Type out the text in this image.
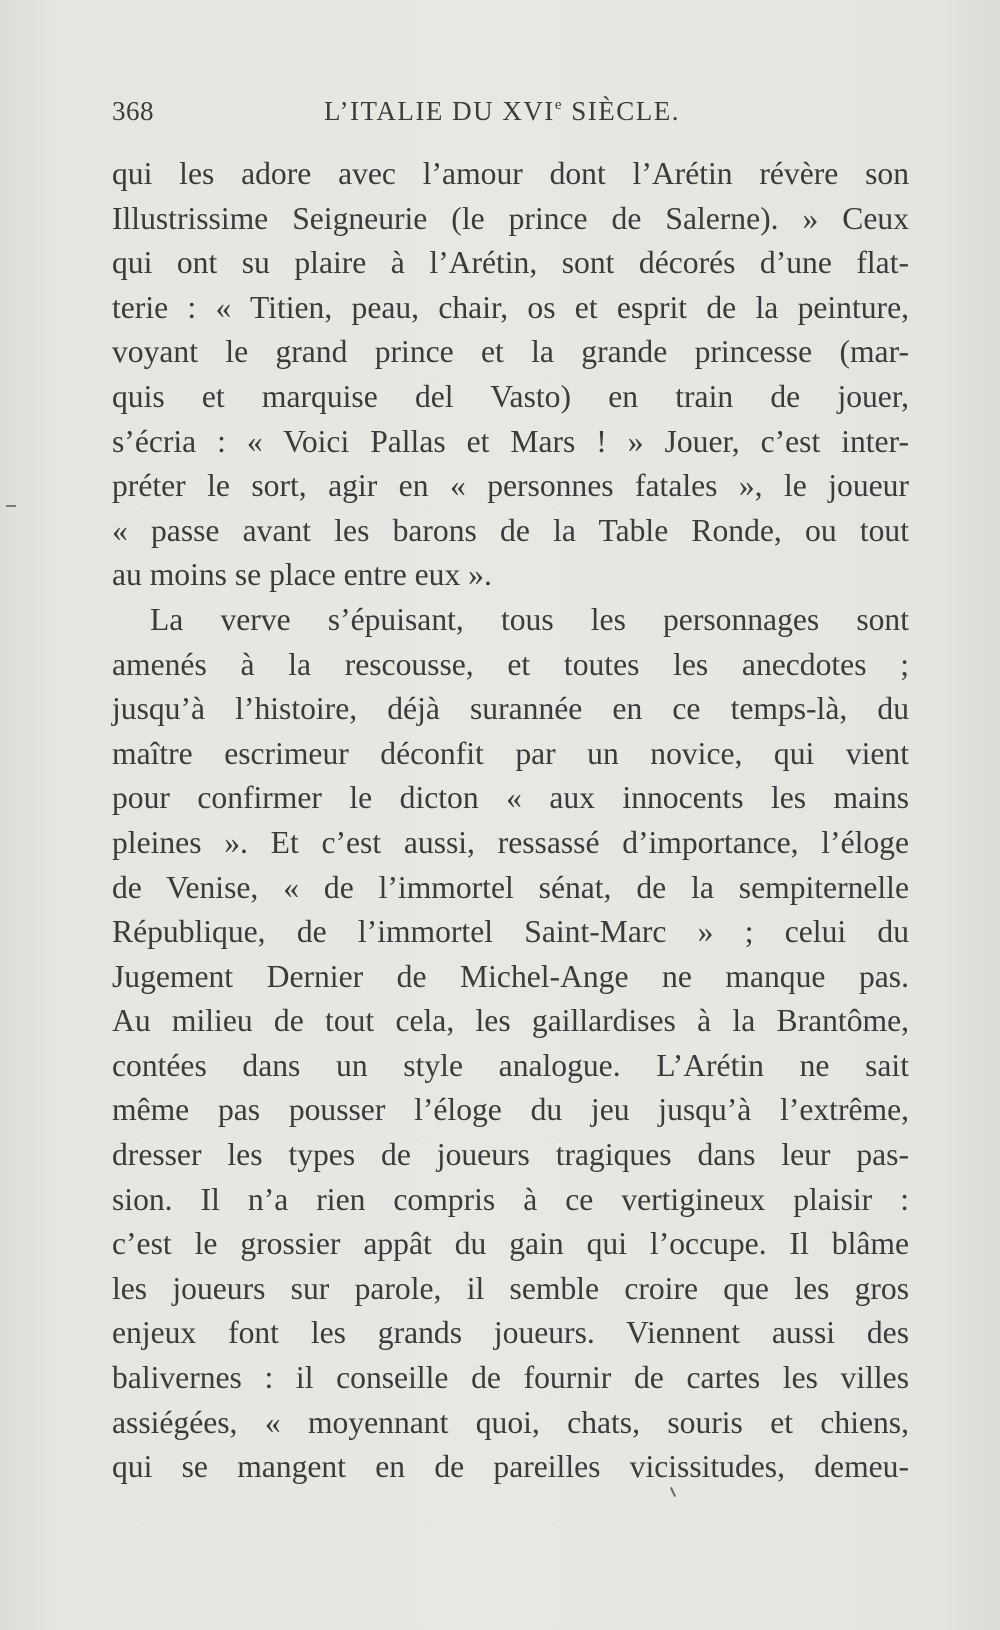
368	L’ITALIE DU XVIe SIÈCLE.
qui les adore avec l’amour dont l’Arétin révère son
Illustrissime Seigneurie (le prince de Salerne). » Ceux
qui ont su plaire à l’Arétin, sont décorés d’une flat-
terie : « Titien, peau, chair, os et esprit de la peinture,
voyant le grand prince et la grande princesse (mar-
quis et marquise del Vasto) en train de jouer,
s’écria : « Voici Pallas et Mars ! » Jouer, c’est inter-
préter le sort, agir en « personnes fatales », le joueur
« passe avant les barons de la Table Ronde, ou tout
au moins se place entre eux ».
La verve s’épuisant, tous les personnages sont
amenés à la rescousse, et toutes les anecdotes ;
jusqu’à l’histoire, déjà surannée en ce temps-là, du
maître escrimeur déconfit par un novice, qui vient
pour confirmer le dicton « aux innocents les mains
pleines ». Et c’est aussi, ressassé d’importance, l’éloge
de Venise, « de l’immortel sénat, de la sempiternelle
République, de l’immortel Saint-Marc » ; celui du
Jugement Dernier de Michel-Ange ne manque pas.
Au milieu de tout cela, les gaillardises à la Brantôme,
contées dans un style analogue. L’Arétin ne sait
même pas pousser l’éloge du jeu jusqu’à l’extrême,
dresser les types de joueurs tragiques dans leur pas-
sion. Il n’a rien compris à ce vertigineux plaisir :
c’est le grossier appât du gain qui l’occupe. Il blâme
les joueurs sur parole, il semble croire que les gros
enjeux font les grands joueurs. Viennent aussi des
balivernes : il conseille de fournir de cartes les villes
assiégées, « moyennant quoi, chats, souris et chiens,
qui se mangent en de pareilles vicissitudes, demeu-
